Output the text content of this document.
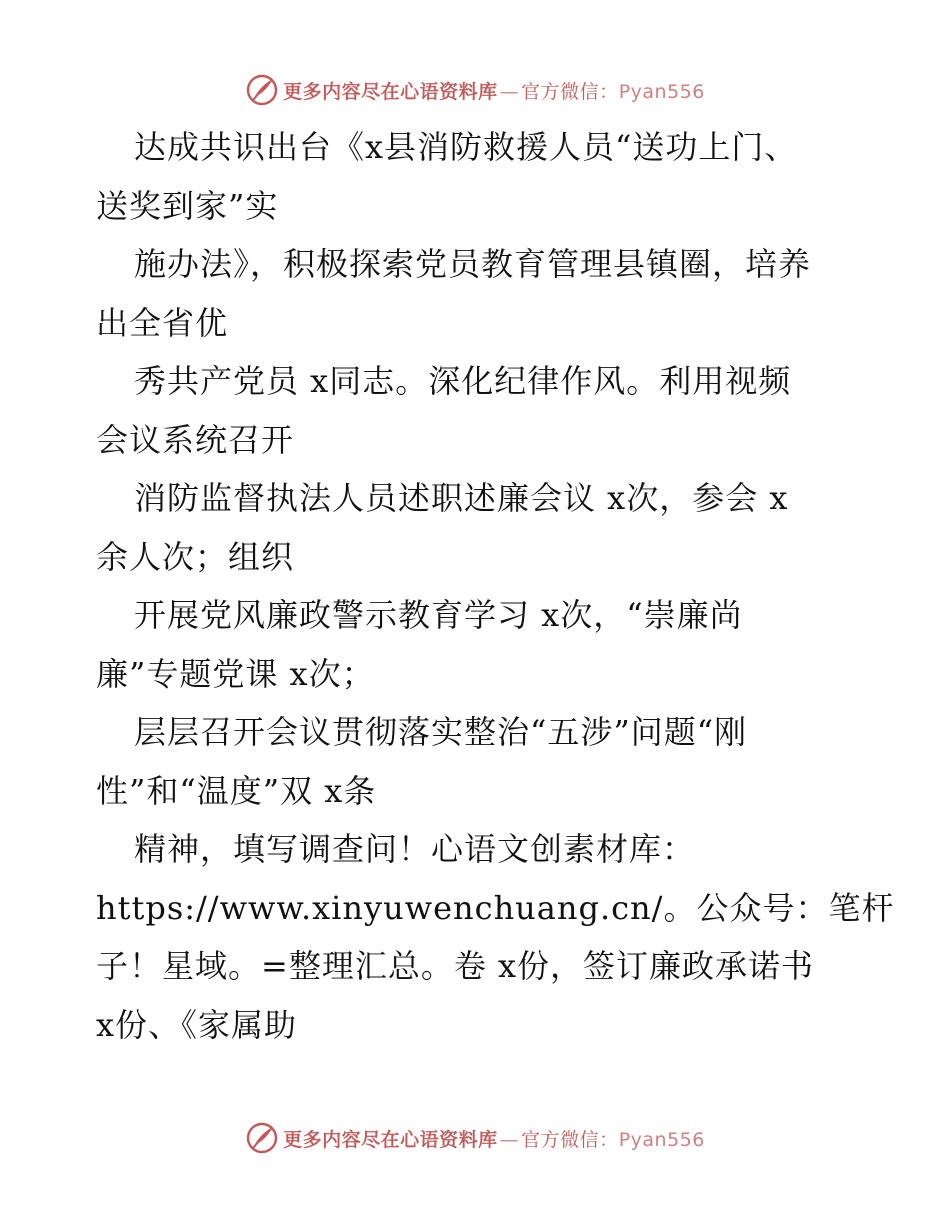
更多内容尽在心语资料库 — 官方微信：Pyan556
达成共识出台《x县消防救援人员“送功上门、
送奖到家”实
施办法》，积极探索党员教育管理县镇圈，培养
出全省优
秀共产党员 x同志。深化纪律作风。利用视频
会议系统召开
消防监督执法人员述职述廉会议 x次，参会 x
余人次；组织
开展党风廉政警示教育学习 x次，“崇廉尚
廉”专题党课 x次；
层层召开会议贯彻落实整治“五涉”问题“刚
性”和“温度”双 x条
精神，填写调查问！心语文创素材库：
https://www.xinyuwenchuang.cn/。公众号：笔杆
子！星域。=整理汇总。卷 x份，签订廉政承诺书
x份、《家属助
更多内容尽在心语资料库 — 官方微信：Pyan556
